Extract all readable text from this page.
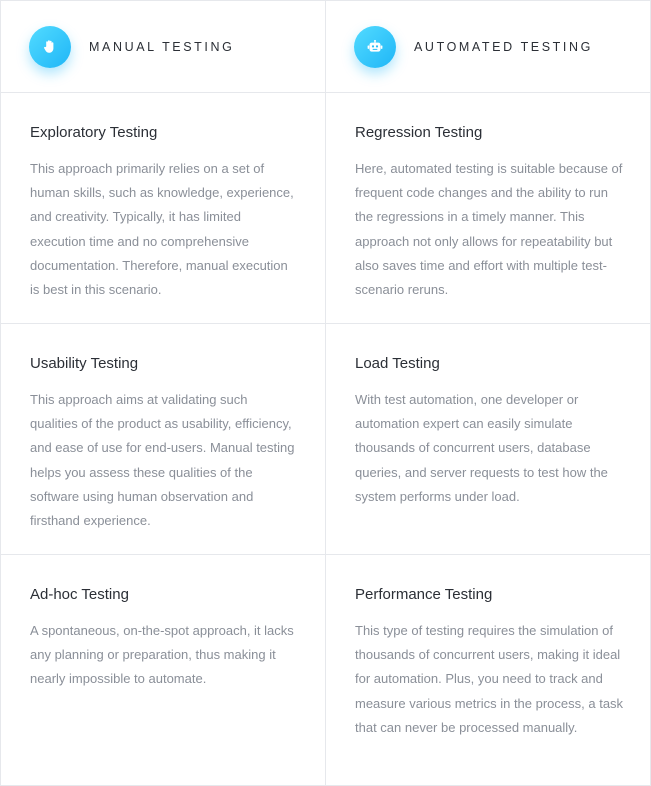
MANUAL TESTING	AUTOMATED TESTING
Exploratory Testing

This approach primarily relies on a set of human skills, such as knowledge, experience, and creativity. Typically, it has limited execution time and no comprehensive documentation. Therefore, manual execution is best in this scenario.

Regression Testing

Here, automated testing is suitable because of frequent code changes and the ability to run the regressions in a timely manner. This approach not only allows for repeatability but also saves time and effort with multiple test-scenario reruns.

Usability Testing

This approach aims at validating such qualities of the product as usability, efficiency, and ease of use for end-users. Manual testing helps you assess these qualities of the software using human observation and firsthand experience.

Load Testing

With test automation, one developer or automation expert can easily simulate thousands of concurrent users, database queries, and server requests to test how the system performs under load.

Ad-hoc Testing

A spontaneous, on-the-spot approach, it lacks any planning or preparation, thus making it nearly impossible to automate.

Performance Testing

This type of testing requires the simulation of thousands of concurrent users, making it ideal for automation. Plus, you need to track and measure various metrics in the process, a task that can never be processed manually.
